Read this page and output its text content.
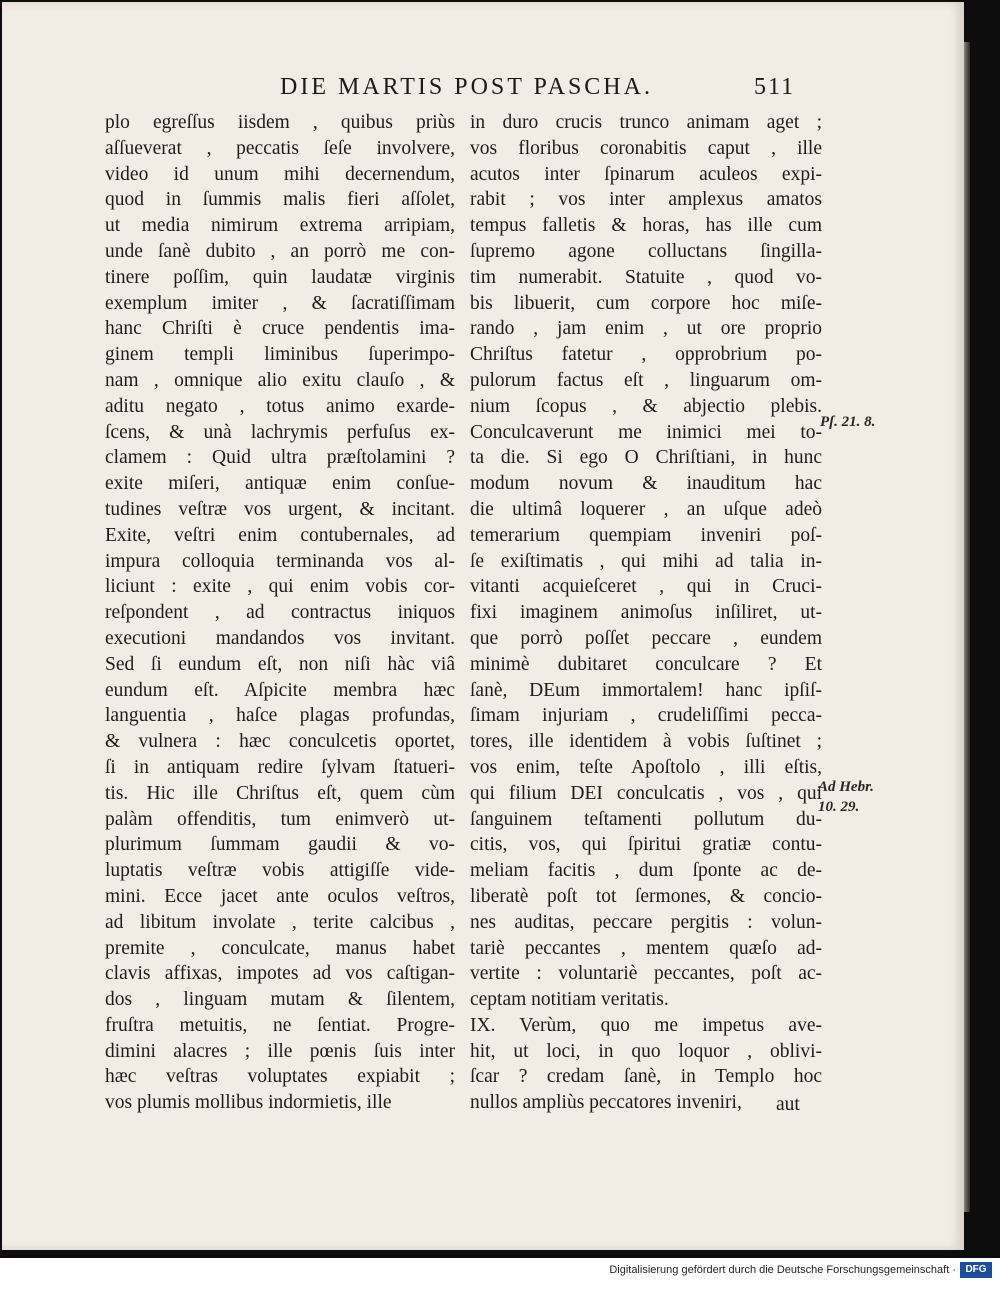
DIE MARTIS POST PASCHA.	511
plo egreſſus iisdem , quibus priùs
aſſueverat , peccatis ſeſe involvere,
video id unum mihi decernendum,
quod in ſummis malis fieri aſſolet,
ut media nimirum extrema arripiam,
unde ſanè dubito , an porrò me con-
tinere poſſim, quin laudatæ virginis
exemplum imiter , & ſacratiſſimam
hanc Chriſti è cruce pendentis ima-
ginem templi liminibus ſuperimpo-
nam , omnique alio exitu clauſo , &
aditu negato , totus animo exarde-
ſcens, & unà lachrymis perfuſus ex-
clamem : Quid ultra præſtolamini ?
exite miſeri, antiquæ enim conſue-
tudines veſtræ vos urgent, & incitant.
Exite, veſtri enim contubernales, ad
impura colloquia terminanda vos al-
liciunt : exite , qui enim vobis cor-
reſpondent , ad contractus iniquos
executioni mandandos vos invitant.
Sed ſi eundum eſt, non niſi hàc viâ
eundum eſt. Aſpicite membra hæc
languentia , haſce plagas profundas,
& vulnera : hæc conculcetis oportet,
ſi in antiquam redire ſylvam ſtatueri-
tis. Hic ille Chriſtus eſt, quem cùm
palàm offenditis, tum enimverò ut-
plurimum ſummam gaudii & vo-
luptatis veſtræ vobis attigiſſe vide-
mini. Ecce jacet ante oculos veſtros,
ad libitum involate , terite calcibus ,
premite , conculcate, manus habet
clavis affixas, impotes ad vos caſtigan-
dos , linguam mutam & ſilentem,
fruſtra metuitis, ne ſentiat. Progre-
dimini alacres ; ille pœnis ſuis inter
hæc veſtras voluptates expiabit ;
vos plumis mollibus indormietis, ille
in duro crucis trunco animam aget ;
vos floribus coronabitis caput , ille
acutos inter ſpinarum aculeos expi-
rabit ; vos inter amplexus amatos
tempus falletis & horas, has ille cum
ſupremo agone colluctans ſingilla-
tim numerabit. Statuite , quod vo-
bis libuerit, cum corpore hoc miſe-
rando , jam enim , ut ore proprio
Chriſtus fatetur , opprobrium po-
pulorum factus eſt , linguarum om-
nium ſcopus , & abjectio plebis.
Conculcaverunt me inimici mei to-
ta die. Si ego O Chriſtiani, in hunc
modum novum & inauditum hac
die ultimâ loquerer , an uſque adeò
temerarium quempiam inveniri poſ-
ſe exiſtimatis , qui mihi ad talia in-
vitanti acquieſceret , qui in Cruci-
fixi imaginem animoſus inſiliret, ut-
que porrò poſſet peccare , eundem
minimè dubitaret conculcare ? Et
ſanè, DEum immortalem! hanc ipſiſ-
ſimam injuriam , crudeliſſimi pecca-
tores, ille identidem à vobis ſuſtinet ;
vos enim, teſte Apoſtolo , illi eſtis,
qui filium DEI conculcatis , vos , qui
ſanguinem teſtamenti pollutum du-
citis, vos, qui ſpiritui gratiæ contu-
meliam facitis , dum ſponte ac de-
liberatè poſt tot ſermones, & concio-
nes auditas, peccare pergitis : volun-
tariè peccantes , mentem quæſo ad-
vertite : voluntariè peccantes, poſt ac-
ceptam notitiam veritatis.
IX. Verùm, quo me impetus ave-
hit, ut loci, in quo loquor , oblivi-
ſcar ? credam ſanè, in Templo hoc
nullos ampliùs peccatores inveniri,
Pſ. 21. 8.
Ad Hebr.
10. 29.
aut
Digitalisierung gefördert durch die Deutsche Forschungsgemeinschaft · DFG
